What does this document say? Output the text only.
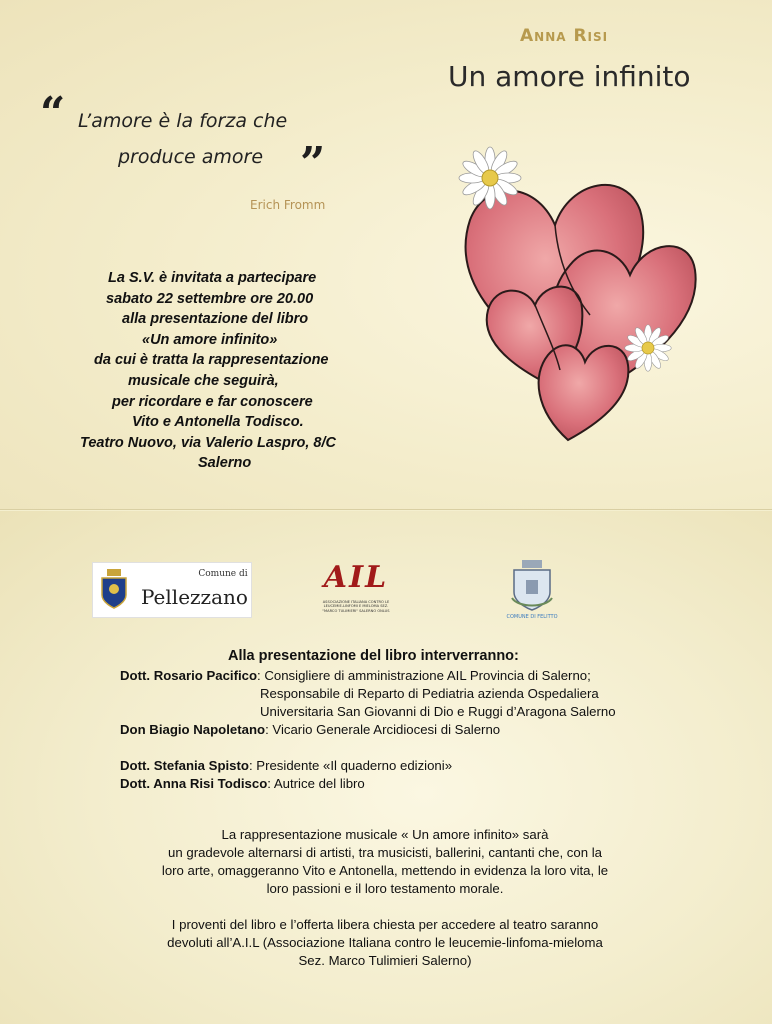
Anna Risi
Un amore infinito
“ L’amore è la forza che
produce amore ”
Erich Fromm
La S.V. è invitata a partecipare
sabato 22 settembre ore 20.00
alla presentazione del libro
«Un amore infinito»
da cui è tratta la rappresentazione
musicale che seguirà,
per ricordare e far conoscere
Vito e Antonella Todisco.
Teatro Nuovo, via Valerio Laspro, 8/C
Salerno
Comune di
Pellezzano
AIL
ASSOCIAZIONE ITALIANA CONTRO LE LEUCEMIE-LINFOMI E MIELOMA SEZ. "MARCO TULIMIERI" SALERNO ONLUS
COMUNE DI FELITTO
Alla presentazione del libro interverranno:
Dott. Rosario Pacifico: Consigliere di amministrazione AIL Provincia di Salerno;
Responsabile di Reparto di Pediatria azienda Ospedaliera
Universitaria San Giovanni di Dio e Ruggi d’Aragona Salerno
Don Biagio Napoletano: Vicario Generale Arcidiocesi di Salerno
Dott. Stefania Spisto: Presidente «Il quaderno edizioni»
Dott. Anna Risi Todisco: Autrice del libro
La rappresentazione musicale « Un amore infinito» sarà
un gradevole alternarsi di artisti, tra musicisti, ballerini, cantanti che, con la
loro arte, omaggeranno Vito e Antonella, mettendo in evidenza la loro vita, le
loro passioni e il loro testamento morale.
I proventi del libro e l’offerta libera chiesta per accedere al teatro saranno
devoluti all’A.I.L (Associazione Italiana contro le leucemie-linfoma-mieloma
Sez. Marco Tulimieri Salerno)
